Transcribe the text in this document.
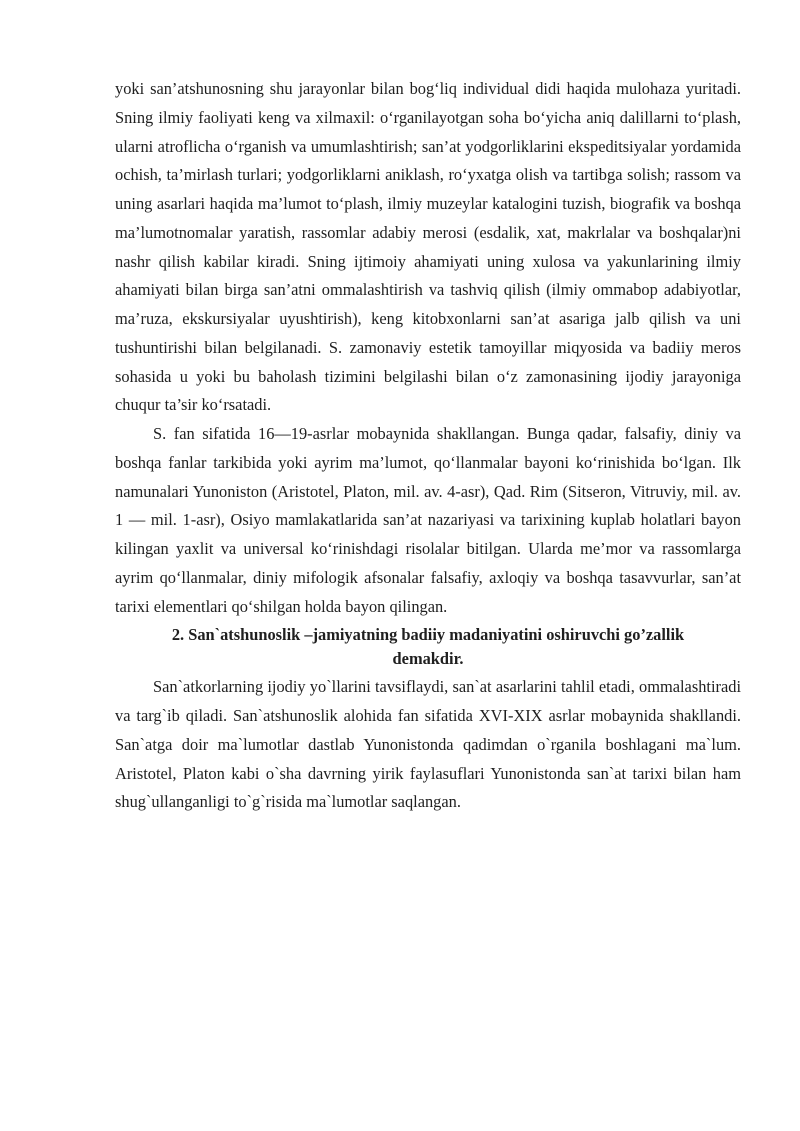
yoki san’atshunosning shu jarayonlar bilan bog‘liq individual didi haqida mulohaza yuritadi. Sning ilmiy faoliyati keng va xilmaxil: o‘rganilayotgan soha bo‘yicha aniq dalillarni to‘plash, ularni atroflicha o‘rganish va umumlashtirish; san’at yodgorliklarini ekspeditsiyalar yordamida ochish, ta’mirlash turlari; yodgorliklarni aniklash, ro‘yxatga olish va tartibga solish; rassom va uning asarlari haqida ma’lumot to‘plash, ilmiy muzeylar katalogini tuzish, biografik va boshqa ma’lumotnomalar yaratish, rassomlar adabiy merosi (esdalik, xat, makrlalar va boshqalar)ni nashr qilish kabilar kiradi. Sning ijtimoiy ahamiyati uning xulosa va yakunlarining ilmiy ahamiyati bilan birga san’atni ommalashtirish va tashviq qilish (ilmiy ommabop adabiyotlar, ma’ruza, ekskursiyalar uyushtirish), keng kitobxonlarni san’at asariga jalb qilish va uni tushuntirishi bilan belgilanadi. S. zamonaviy estetik tamoyillar miqyosida va badiiy meros sohasida u yoki bu baholash tizimini belgilashi bilan o‘z zamonasining ijodiy jarayoniga chuqur ta’sir ko‘rsatadi.

S. fan sifatida 16—19-asrlar mobaynida shakllangan. Bunga qadar, falsafiy, diniy va boshqa fanlar tarkibida yoki ayrim ma’lumot, qo‘llanmalar bayoni ko‘rinishida bo‘lgan. Ilk namunalari Yunoniston (Aristotel, Platon, mil. av. 4-asr), Qad. Rim (Sitseron, Vitruviy, mil. av. 1 — mil. 1-asr), Osiyo mamlakatlarida san’at nazariyasi va tarixining kuplab holatlari bayon kilingan yaxlit va universal ko‘rinishdagi risolalar bitilgan. Ularda me’mor va rassomlarga ayrim qo‘llanmalar, diniy mifologik afsonalar falsafiy, axloqiy va boshqa tasavvurlar, san’at tarixi elementlari qo‘shilgan holda bayon qilingan.

2. San`atshunoslik –jamiyatning badiiy madaniyatini oshiruvchi go’zallik demakdir.

San`atkorlarning ijodiy yo`llarini tavsiflaydi, san`at asarlarini tahlil etadi, ommalashtiradi va targ`ib qiladi. San`atshunoslik alohida fan sifatida XVI-XIX asrlar mobaynida shakllandi. San`atga doir ma`lumotlar dastlab Yunonistonda qadimdan o`rganila boshlagani ma`lum. Aristotel, Platon kabi o`sha davrning yirik faylasuflari Yunonistonda san`at tarixi bilan ham shug`ullanganligi to`g`risida ma`lumotlar saqlangan.
